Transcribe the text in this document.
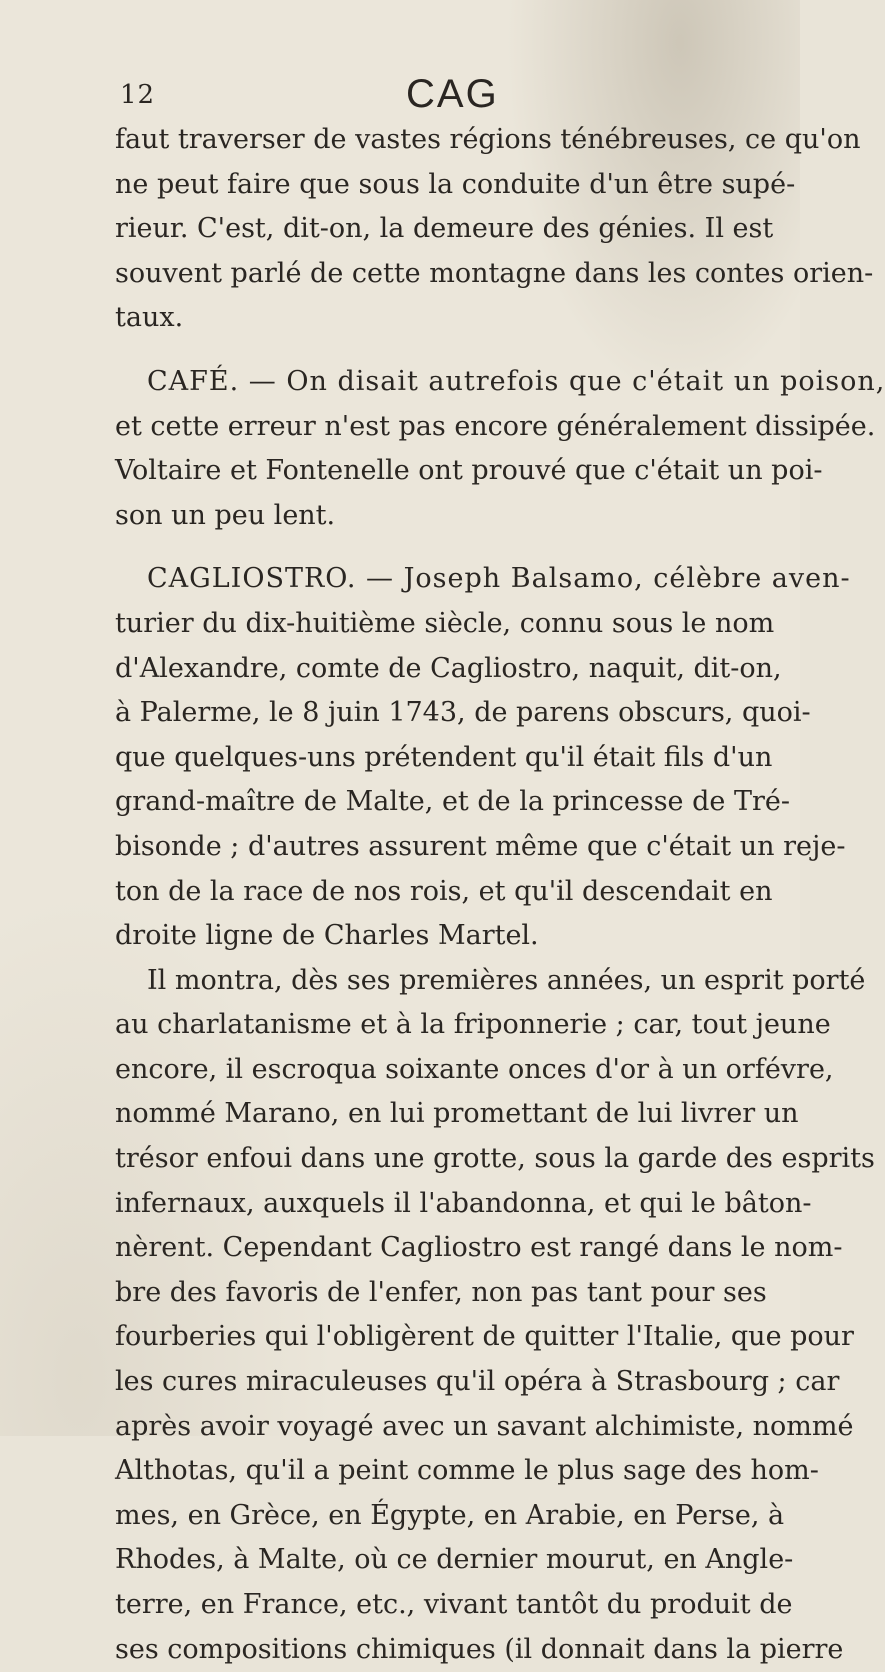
12	CAG
faut traverser de vastes régions ténébreuses, ce qu'on
ne peut faire que sous la conduite d'un être supé-
rieur. C'est, dit-on, la demeure des génies. Il est
souvent parlé de cette montagne dans les contes orien-
taux.
CAFÉ. — On disait autrefois que c'était un poison,
et cette erreur n'est pas encore généralement dissipée.
Voltaire et Fontenelle ont prouvé que c'était un poi-
son un peu lent.
CAGLIOSTRO. — Joseph Balsamo, célèbre aven-
turier du dix-huitième siècle, connu sous le nom
d'Alexandre, comte de Cagliostro, naquit, dit-on,
à Palerme, le 8 juin 1743, de parens obscurs, quoi-
que quelques-uns prétendent qu'il était fils d'un
grand-maître de Malte, et de la princesse de Tré-
bisonde ; d'autres assurent même que c'était un reje-
ton de la race de nos rois, et qu'il descendait en
droite ligne de Charles Martel.
Il montra, dès ses premières années, un esprit porté
au charlatanisme et à la friponnerie ; car, tout jeune
encore, il escroqua soixante onces d'or à un orfévre,
nommé Marano, en lui promettant de lui livrer un
trésor enfoui dans une grotte, sous la garde des esprits
infernaux, auxquels il l'abandonna, et qui le bâton-
nèrent. Cependant Cagliostro est rangé dans le nom-
bre des favoris de l'enfer, non pas tant pour ses
fourberies qui l'obligèrent de quitter l'Italie, que pour
les cures miraculeuses qu'il opéra à Strasbourg ; car
après avoir voyagé avec un savant alchimiste, nommé
Althotas, qu'il a peint comme le plus sage des hom-
mes, en Grèce, en Égypte, en Arabie, en Perse, à
Rhodes, à Malte, où ce dernier mourut, en Angle-
terre, en France, etc., vivant tantôt du produit de
ses compositions chimiques (il donnait dans la pierre
